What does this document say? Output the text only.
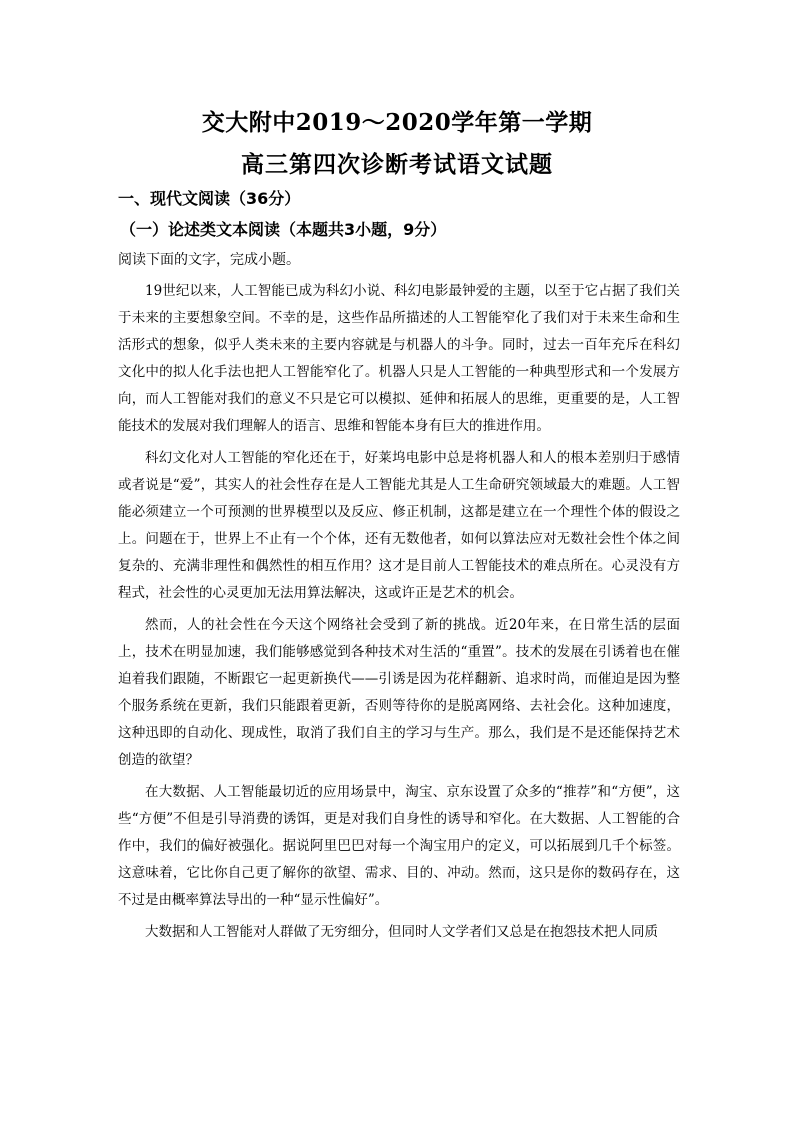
交大附中2019～2020学年第一学期
高三第四次诊断考试语文试题
一、现代文阅读（36分）
（一）论述类文本阅读（本题共3小题，9分）
阅读下面的文字，完成小题。

19世纪以来，人工智能已成为科幻小说、科幻电影最钟爱的主题，以至于它占据了我们关于未来的主要想象空间。不幸的是，这些作品所描述的人工智能窄化了我们对于未来生命和生活形式的想象，似乎人类未来的主要内容就是与机器人的斗争。同时，过去一百年充斥在科幻文化中的拟人化手法也把人工智能窄化了。机器人只是人工智能的一种典型形式和一个发展方向，而人工智能对我们的意义不只是它可以模拟、延伸和拓展人的思维，更重要的是，人工智能技术的发展对我们理解人的语言、思维和智能本身有巨大的推进作用。

科幻文化对人工智能的窄化还在于，好莱坞电影中总是将机器人和人的根本差别归于感情或者说是“爱”，其实人的社会性存在是人工智能尤其是人工生命研究领域最大的难题。人工智能必须建立一个可预测的世界模型以及反应、修正机制，这都是建立在一个理性个体的假设之上。问题在于，世界上不止有一个个体，还有无数他者，如何以算法应对无数社会性个体之间复杂的、充满非理性和偶然性的相互作用？这才是目前人工智能技术的难点所在。心灵没有方程式，社会性的心灵更加无法用算法解决，这或许正是艺术的机会。

然而，人的社会性在今天这个网络社会受到了新的挑战。近20年来，在日常生活的层面上，技术在明显加速，我们能够感觉到各种技术对生活的“重置”。技术的发展在引诱着也在催迫着我们跟随，不断跟它一起更新换代——引诱是因为花样翻新、追求时尚，而催迫是因为整个服务系统在更新，我们只能跟着更新，否则等待你的是脱离网络、去社会化。这种加速度，这种迅即的自动化、现成性，取消了我们自主的学习与生产。那么，我们是不是还能保持艺术创造的欲望？

在大数据、人工智能最切近的应用场景中，淘宝、京东设置了众多的“推荐”和“方便”，这些“方便”不但是引导消费的诱饵，更是对我们自身性的诱导和窄化。在大数据、人工智能的合作中，我们的偏好被强化。据说阿里巴巴对每一个淘宝用户的定义，可以拓展到几千个标签。这意味着，它比你自己更了解你的欲望、需求、目的、冲动。然而，这只是你的数码存在，这不过是由概率算法导出的一种“显示性偏好”。

大数据和人工智能对人群做了无穷细分，但同时人文学者们又总是在抱怨技术把人同质
